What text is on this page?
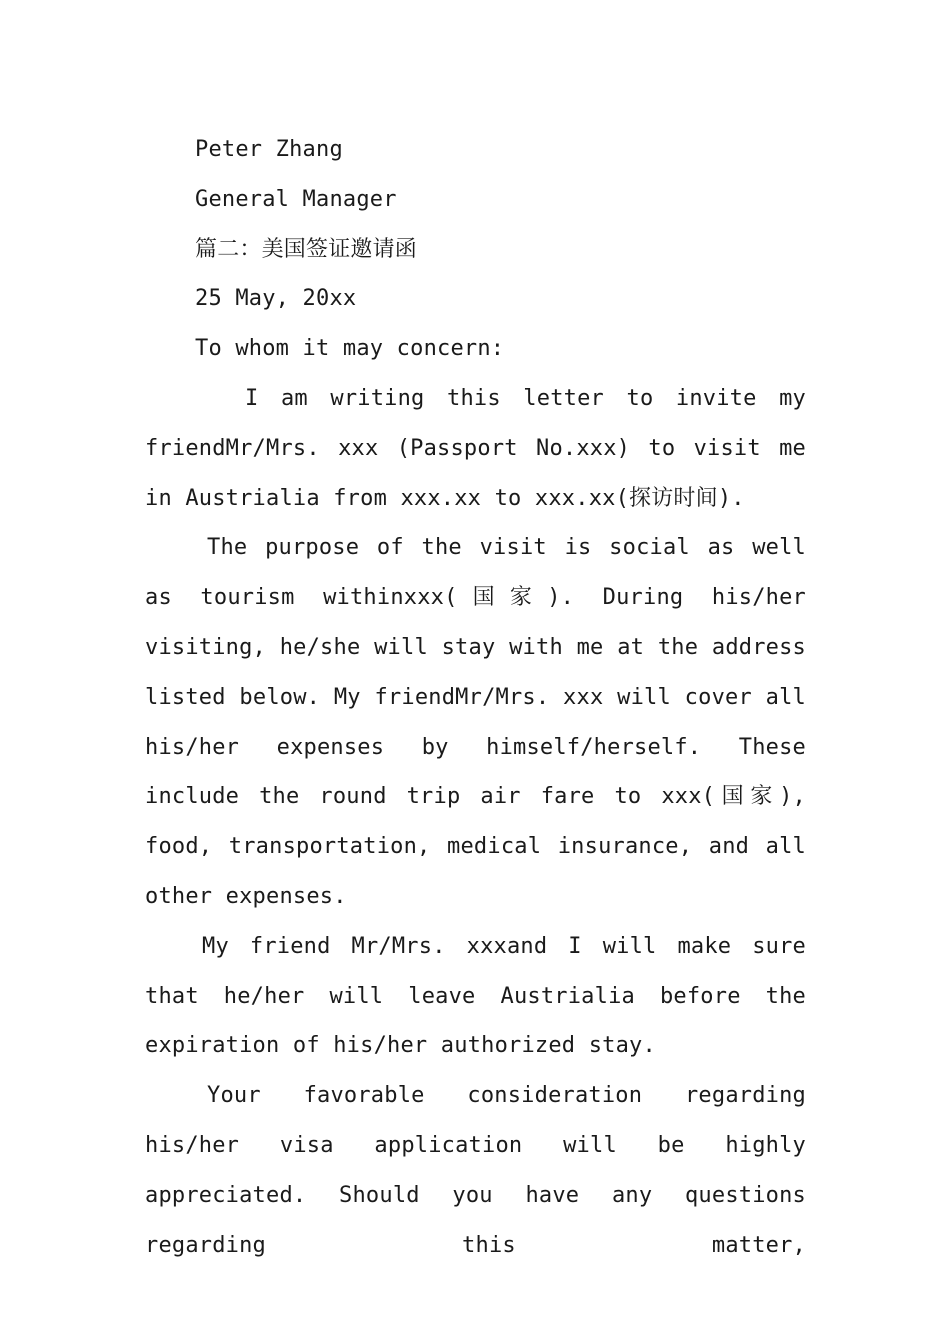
Peter Zhang

General Manager

篇二：美国签证邀请函

25 May, 20xx

To whom it may concern:

I am writing this letter to invite my friendMr/Mrs. xxx (Passport No.xxx) to visit me in Austrialia from xxx.xx to xxx.xx(探访时间).

The purpose of the visit is social as well as tourism withinxxx(国家). During his/her visiting, he/she will stay with me at the address listed below. My friendMr/Mrs. xxx will cover all his/her expenses by himself/herself. These include the round trip air fare to xxx(国家), food, transportation, medical insurance, and all other expenses.

My friend Mr/Mrs. xxxand I will make sure that he/her will leave Austrialia before the expiration of his/her authorized stay.

Your favorable consideration regarding his/her visa application will be highly appreciated. Should you have any questions regarding this matter,
